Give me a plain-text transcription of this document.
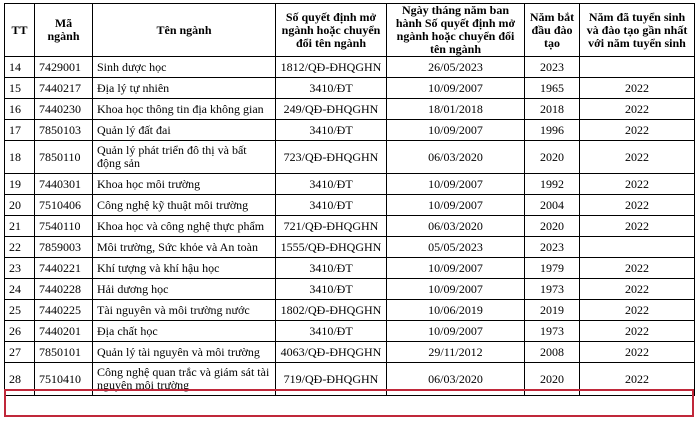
TT	Mã ngành	Tên ngành	Số quyết định mở ngành hoặc chuyển đổi tên ngành	Ngày tháng năm ban hành Số quyết định mở ngành hoặc chuyển đổi tên ngành	Năm bắt đầu đào tạo	Năm đã tuyển sinh và đào tạo gần nhất với năm tuyển sinh
14	7429001	Sinh dược học	1812/QĐ-ĐHQGHN	26/05/2023	2023	
15	7440217	Địa lý tự nhiên	3410/ĐT	10/09/2007	1965	2022
16	7440230	Khoa học thông tin địa không gian	249/QĐ-ĐHQGHN	18/01/2018	2018	2022
17	7850103	Quản lý đất đai	3410/ĐT	10/09/2007	1996	2022
18	7850110	Quản lý phát triển đô thị và bất động sản	723/QĐ-ĐHQGHN	06/03/2020	2020	2022
19	7440301	Khoa học môi trường	3410/ĐT	10/09/2007	1992	2022
20	7510406	Công nghệ kỹ thuật môi trường	3410/ĐT	10/09/2007	2004	2022
21	7540110	Khoa học và công nghệ thực phẩm	721/QĐ-ĐHQGHN	06/03/2020	2020	2022
22	7859003	Môi trường, Sức khỏe và An toàn	1555/QĐ-ĐHQGHN	05/05/2023	2023	
23	7440221	Khí tượng và khí hậu học	3410/ĐT	10/09/2007	1979	2022
24	7440228	Hải dương học	3410/ĐT	10/09/2007	1973	2022
25	7440225	Tài nguyên và môi trường nước	1802/QĐ-ĐHQGHN	10/06/2019	2019	2022
26	7440201	Địa chất học	3410/ĐT	10/09/2007	1973	2022
27	7850101	Quản lý tài nguyên và môi trường	4063/QĐ-ĐHQGHN	29/11/2012	2008	2022
28	7510410	Công nghệ quan trắc và giám sát tài nguyên môi trường	719/QĐ-ĐHQGHN	06/03/2020	2020	2022
